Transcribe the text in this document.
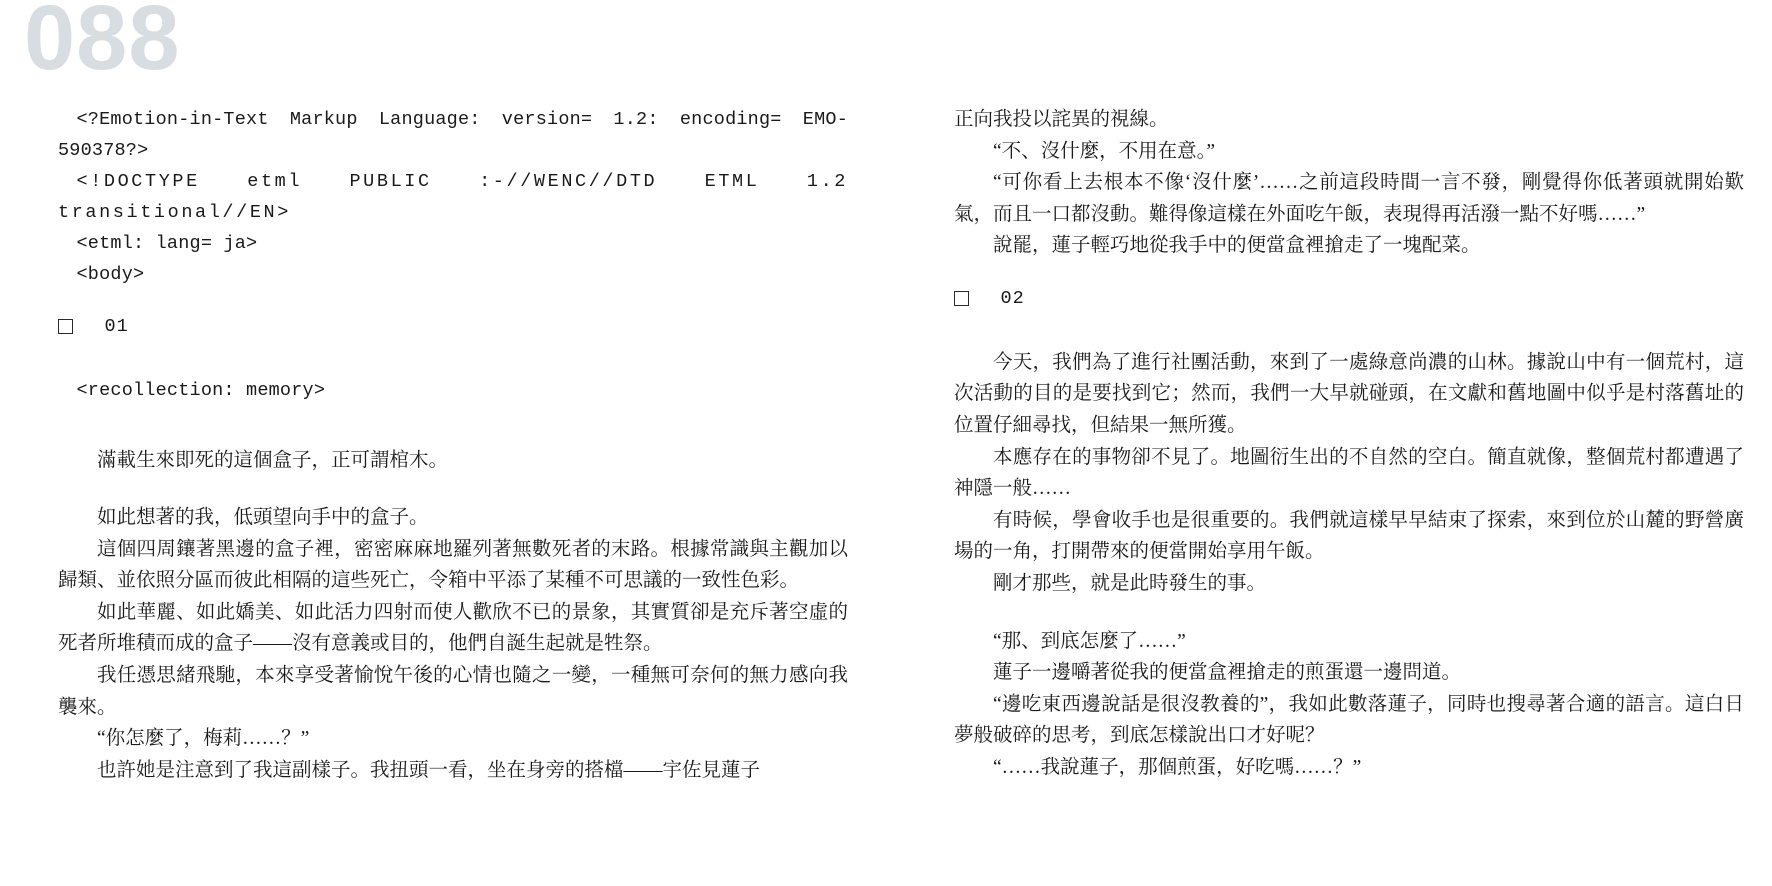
088

<?Emotion-in-Text Markup Language: version= 1.2: encoding= EMO-590378?>

<!DOCTYPE etml PUBLIC :-//WENC//DTD ETML 1.2 transitional//EN>

<etml: lang= ja>

<body>

01

<recollection: memory>

滿載生來即死的這個盒子，正可謂棺木。

如此想著的我，低頭望向手中的盒子。

這個四周鑲著黑邊的盒子裡，密密麻麻地羅列著無數死者的末路。根據常識與主觀加以歸類、並依照分區而彼此相隔的這些死亡，令箱中平添了某種不可思議的一致性色彩。

如此華麗、如此嬌美、如此活力四射而使人歡欣不已的景象，其實質卻是充斥著空虛的死者所堆積而成的盒子——沒有意義或目的，他們自誕生起就是牲祭。

我任憑思緒飛馳，本來享受著愉悅午後的心情也隨之一變，一種無可奈何的無力感向我襲來。

“你怎麼了，梅莉……？”

也許她是注意到了我這副樣子。我扭頭一看，坐在身旁的搭檔——宇佐見蓮子

正向我投以詫異的視線。

“不、沒什麼，不用在意。”

“可你看上去根本不像‘沒什麼’……之前這段時間一言不發，剛覺得你低著頭就開始歎氣，而且一口都沒動。難得像這樣在外面吃午飯，表現得再活潑一點不好嗎……”

說罷，蓮子輕巧地從我手中的便當盒裡搶走了一塊配菜。

02

今天，我們為了進行社團活動，來到了一處綠意尚濃的山林。據說山中有一個荒村，這次活動的目的是要找到它；然而，我們一大早就碰頭，在文獻和舊地圖中似乎是村落舊址的位置仔細尋找，但結果一無所獲。

本應存在的事物卻不見了。地圖衍生出的不自然的空白。簡直就像，整個荒村都遭遇了神隱一般……

有時候，學會收手也是很重要的。我們就這樣早早結束了探索，來到位於山麓的野營廣場的一角，打開帶來的便當開始享用午飯。

剛才那些，就是此時發生的事。

“那、到底怎麼了……”

蓮子一邊嚼著從我的便當盒裡搶走的煎蛋還一邊問道。

“邊吃東西邊說話是很沒教養的”，我如此數落蓮子，同時也搜尋著合適的語言。這白日夢般破碎的思考，到底怎樣說出口才好呢？

“……我說蓮子，那個煎蛋，好吃嗎……？”
